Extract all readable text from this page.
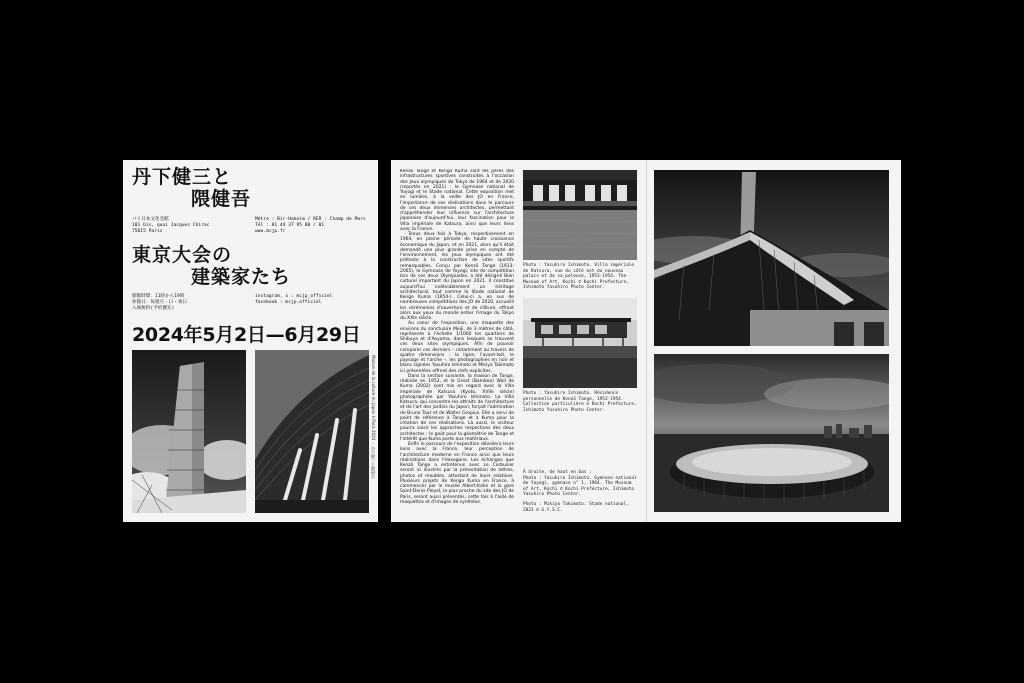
丹下健三と
隈健吾
パリ日本文化会館
101 bis, quai Jacques Chirac
75015 Paris
Métro : Bir-Hakeim / RER : Champ de Mars
Tél : 01 44 37 95 00 / 01
www.mcjp.fr
東京大会の
建築家たち
開館時間：11時から19時
休館日：毎週月・日・祝日
入場無料(予約優先)
instagram, x : mcjp_officiel
facebook : mcjp.officiel
2024年5月2日—6月29日
Maison de la culture du Japon à Paris 2024 ・ 丹下健三と隈研吾

Kenzō Tange et Kengo Kuma sont les pères des infrastructures sportives construites à l'occasion des Jeux olympiques de Tokyo de 1964 et de 2020 (reportés en 2021) : le Gymnase national de Yoyogi et le Stade national. Cette exposition met en lumière, à la veille des JO en France, l'importance de ces réalisations dans le parcours de ces deux immenses architectes, permettant d'appréhender leur influence sur l'architecture japonaise d'aujourd'hui, leur fascination pour la Villa impériale de Katsura, ainsi que leurs liens avec la France.

Tenus deux fois à Tokyo, respectivement en 1964, en pleine période de haute croissance économique du Japon, et en 2021, alors qu'il était demandé une plus grande prise en compte de l'environnement, les Jeux olympiques ont été prétexte à la construction de sites sportifs remarquables. Conçu par Kenzō Tange (1913-2005), le Gymnase de Yoyogi, site de compétition lors de ces deux Olympiades, a été désigné Bien culturel important du Japon en 2021. Il constitue aujourd'hui indéniablement un héritage architectural, tout comme le Stade national de Kengo Kuma (1954-). Celui-ci a, en sus de nombreuses compétitions des JO de 2020, accueilli les cérémonies d'ouverture et de clôture, offrant alors aux yeux du monde entier l'image du Tokyo du XXIe siècle.

Au coeur de l'exposition, une maquette des environs du sanctuaire Meiji, de 3 mètres de côté, représente à l'échelle 1/1000 les quartiers de Shibuya et d'Aoyama, dans lesquels se trouvent ces deux sites olympiques. Afin de pouvoir comparer ces derniers – notamment au travers de quatre dimensions : la ligne, l'avant-toit, le paysage et l'arche –, les photographies en noir et blanc signées Yasuhiro Ishimoto et Mikiya Takimoto ici présentées offrent des clefs explicites.

Dans la section suivante, la maison de Tange, réalisée en 1953, et le Great (Bamboo) Wall de Kuma (2002) sont mis en regard avec la Villa impériale de Katsura (Kyoto, XVIIe siècle) photographiée par Yasuhiro Ishimoto. La Villa Katsura, qui concentre les attraits de l'architecture et de l'art des jardins du Japon, forçait l'admiration de Bruno Taut et de Walter Gropius. Elle a servi de point de référence à Tange et à Kuma pour la création de ces réalisations. Là aussi, le visiteur pourra saisir les approches respectives des deux architectes : le goût pour la géométrie de Tange et l'intérêt que Kuma porte aux matériaux.

Enfin le parcours de l'exposition dévoilera leurs liens avec la France, leur perception de l'architecture moderne en France ainsi que leurs réalisations dans l'Hexagone. Les échanges que Kenzō Tange a entretenus avec Le Corbusier seront ici illustrés par la présentation de lettres, photos et meubles, attestant de leurs relations. Plusieurs projets de Kengo Kuma en France, à commencer par le musée Albert-Kahn et la gare Saint-Denis Pleyel, la plus proche du site des JO de Paris, seront aussi présentés, cette fois à l'aide de maquettes et d'images de synthèse.

Photo : Yasuhiro Ishimoto. Villa impériale de Katsura, vue du côté est du nouveau palais et de sa pelouse, 1953-1954. The Museum of Art, Kochi © Kochi Prefecture, Ishimoto Yasuhiro Photo Center.
Photo : Yasuhiro Ishimoto. Résidence personnelle de Kenzō Tange, 1953-1954. Collection particulière © Kochi Prefecture, Ishimoto Yasuhiro Photo Center.
À droite, de haut en bas :
Photo : Yasuhiro Ishimoto. Gymnase national de Yoyogi, gymnase n° 1, 1964. The Museum of Art, Kochi © Kochi Prefecture, Ishimoto Yasuhiro Photo Center.
Photo : Mikiya Takimoto. Stade national, 2023 © G.Y.S.C.
